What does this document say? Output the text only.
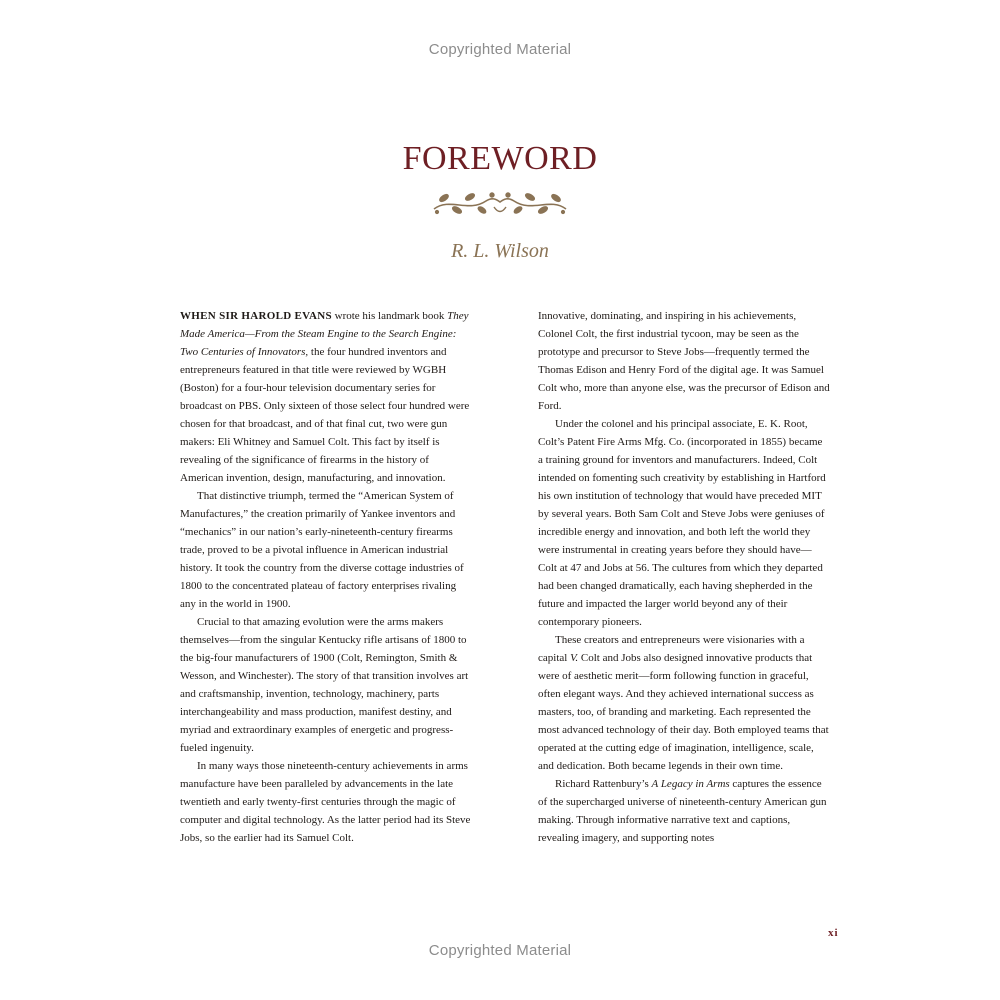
Copyrighted Material
FOREWORD
R. L. Wilson

WHEN SIR HAROLD EVANS wrote his landmark book They Made America—From the Steam Engine to the Search Engine: Two Centuries of Innovators, the four hundred inventors and entrepreneurs featured in that title were reviewed by WGBH (Boston) for a four-hour television documentary series for broadcast on PBS. Only sixteen of those select four hundred were chosen for that broadcast, and of that final cut, two were gun makers: Eli Whitney and Samuel Colt. This fact by itself is revealing of the significance of firearms in the history of American invention, design, manufacturing, and innovation.

That distinctive triumph, termed the “American System of Manufactures,” the creation primarily of Yankee inventors and “mechanics” in our nation’s early-nineteenth-century firearms trade, proved to be a pivotal influence in American industrial history. It took the country from the diverse cottage industries of 1800 to the concentrated plateau of factory enterprises rivaling any in the world in 1900.

Crucial to that amazing evolution were the arms makers themselves—from the singular Kentucky rifle artisans of 1800 to the big-four manufacturers of 1900 (Colt, Remington, Smith & Wesson, and Winchester). The story of that transition involves art and craftsmanship, invention, technology, machinery, parts interchangeability and mass production, manifest destiny, and myriad and extraordinary examples of energetic and progress-fueled ingenuity.

In many ways those nineteenth-century achievements in arms manufacture have been paralleled by advancements in the late twentieth and early twenty-first centuries through the magic of computer and digital technology. As the latter period had its Steve Jobs, so the earlier had its Samuel Colt.

Innovative, dominating, and inspiring in his achievements, Colonel Colt, the first industrial tycoon, may be seen as the prototype and precursor to Steve Jobs—frequently termed the Thomas Edison and Henry Ford of the digital age. It was Samuel Colt who, more than anyone else, was the precursor of Edison and Ford.

Under the colonel and his principal associate, E. K. Root, Colt’s Patent Fire Arms Mfg. Co. (incorporated in 1855) became a training ground for inventors and manufacturers. Indeed, Colt intended on fomenting such creativity by establishing in Hartford his own institution of technology that would have preceded MIT by several years. Both Sam Colt and Steve Jobs were geniuses of incredible energy and innovation, and both left the world they were instrumental in creating years before they should have—Colt at 47 and Jobs at 56. The cultures from which they departed had been changed dramatically, each having shepherded in the future and impacted the larger world beyond any of their contemporary pioneers.

These creators and entrepreneurs were visionaries with a capital V. Colt and Jobs also designed innovative products that were of aesthetic merit—form following function in graceful, often elegant ways. And they achieved international success as masters, too, of branding and marketing. Each represented the most advanced technology of their day. Both employed teams that operated at the cutting edge of imagination, intelligence, scale, and dedication. Both became legends in their own time.

Richard Rattenbury’s A Legacy in Arms captures the essence of the supercharged universe of nineteenth-century American gun making. Through informative narrative text and captions, revealing imagery, and supporting notes

xi
Copyrighted Material
